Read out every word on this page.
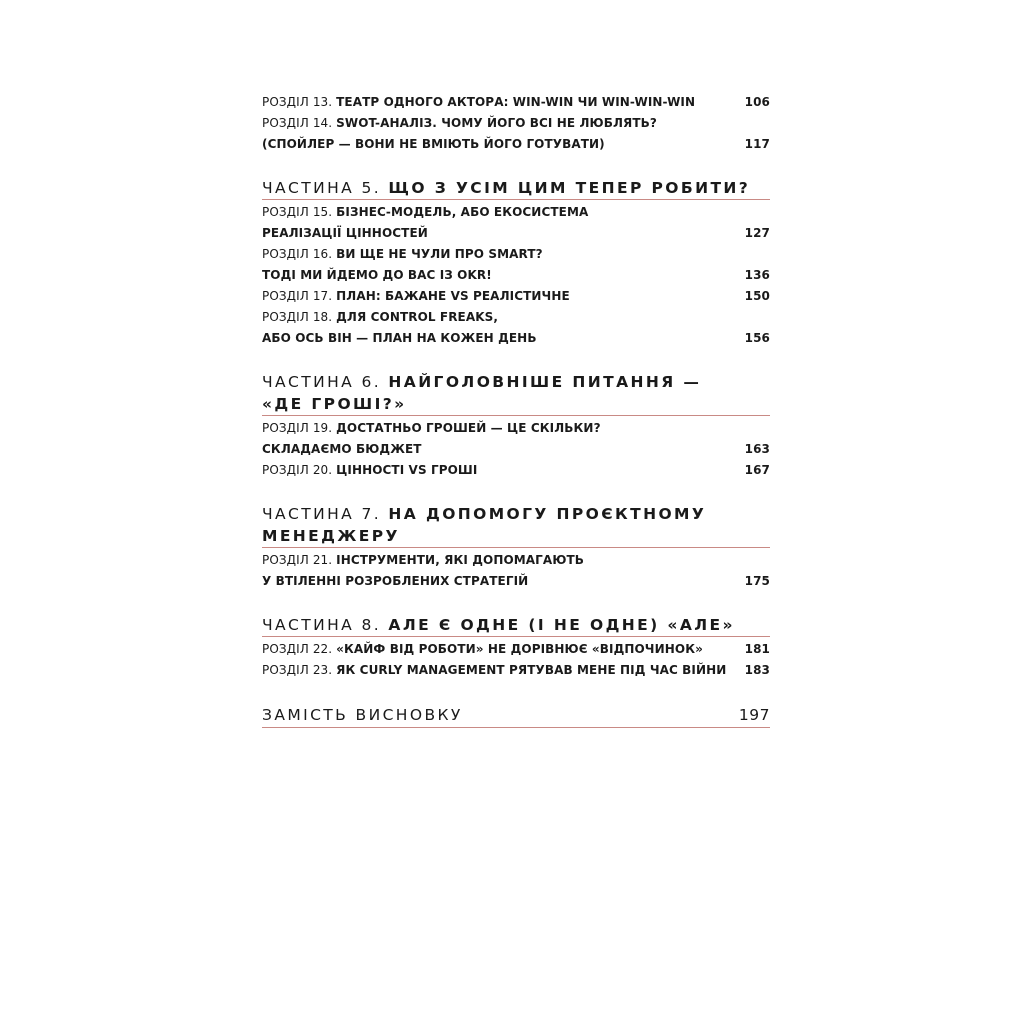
РОЗДІЛ 13. ТЕАТР ОДНОГО АКТОРА: WIN-WIN ЧИ WIN-WIN-WIN	106
РОЗДІЛ 14. SWOT-АНАЛІЗ. ЧОМУ ЙОГО ВСІ НЕ ЛЮБЛЯТЬ?
(СПОЙЛЕР — ВОНИ НЕ ВМІЮТЬ ЙОГО ГОТУВАТИ)	117
ЧАСТИНА 5. ЩО З УСІМ ЦИМ ТЕПЕР РОБИТИ?
РОЗДІЛ 15. БІЗНЕС-МОДЕЛЬ, АБО ЕКОСИСТЕМА
РЕАЛІЗАЦІЇ ЦІННОСТЕЙ	127
РОЗДІЛ 16. ВИ ЩЕ НЕ ЧУЛИ ПРО SMART?
ТОДІ МИ ЙДЕМО ДО ВАС ІЗ OKR!	136
РОЗДІЛ 17. ПЛАН: БАЖАНЕ VS РЕАЛІСТИЧНЕ	150
РОЗДІЛ 18. ДЛЯ CONTROL FREAKS,
АБО ОСЬ ВІН — ПЛАН НА КОЖЕН ДЕНЬ	156
ЧАСТИНА 6. НАЙГОЛОВНІШЕ ПИТАННЯ —
«ДЕ ГРОШІ?»
РОЗДІЛ 19. ДОСТАТНЬО ГРОШЕЙ — ЦЕ СКІЛЬКИ?
СКЛАДАЄМО БЮДЖЕТ	163
РОЗДІЛ 20. ЦІННОСТІ VS ГРОШІ	167
ЧАСТИНА 7. НА ДОПОМОГУ ПРОЄКТНОМУ
МЕНЕДЖЕРУ
РОЗДІЛ 21. ІНСТРУМЕНТИ, ЯКІ ДОПОМАГАЮТЬ
У ВТІЛЕННІ РОЗРОБЛЕНИХ СТРАТЕГІЙ	175
ЧАСТИНА 8. АЛЕ Є ОДНЕ (І НЕ ОДНЕ) «АЛЕ»
РОЗДІЛ 22. «КАЙФ ВІД РОБОТИ» НЕ ДОРІВНЮЄ «ВІДПОЧИНОК»	181
РОЗДІЛ 23. ЯК CURLY MANAGEMENT РЯТУВАВ МЕНЕ ПІД ЧАС ВІЙНИ	183
ЗАМІСТЬ ВИСНОВКУ	197
